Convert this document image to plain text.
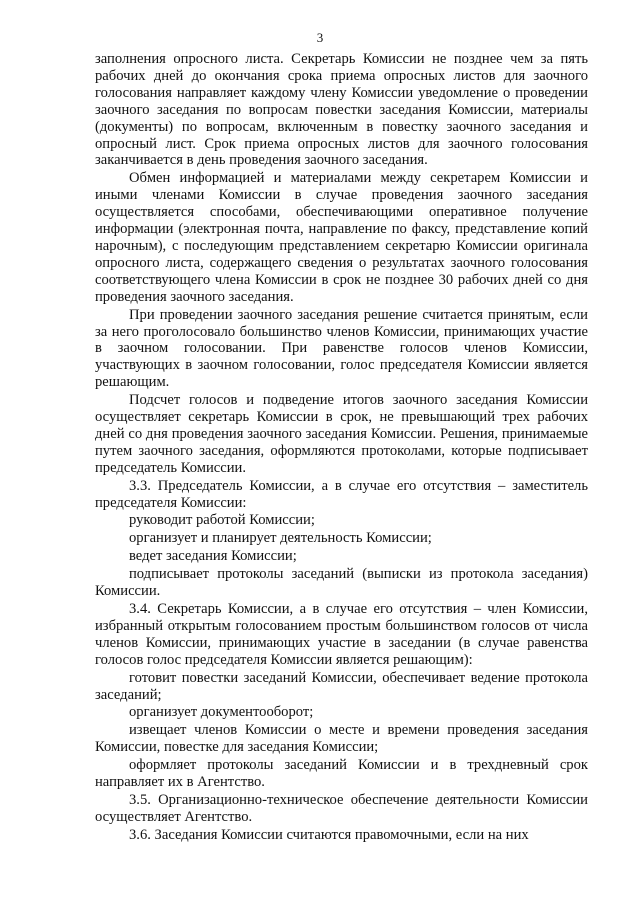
3

заполнения опросного листа. Секретарь Комиссии не позднее чем за пять рабочих дней до окончания срока приема опросных листов для заочного голосования направляет каждому члену Комиссии уведомление о проведении заочного заседания по вопросам повестки заседания Комиссии, материалы (документы) по вопросам, включенным в повестку заочного заседания и опросный лист. Срок приема опросных листов для заочного голосования заканчивается в день проведения заочного заседания.

Обмен информацией и материалами между секретарем Комиссии и иными членами Комиссии в случае проведения заочного заседания осуществляется способами, обеспечивающими оперативное получение информации (электронная почта, направление по факсу, представление копий нарочным), с последующим представлением секретарю Комиссии оригинала опросного листа, содержащего сведения о результатах заочного голосования соответствующего члена Комиссии в срок не позднее 30 рабочих дней со дня проведения заочного заседания.

При проведении заочного заседания решение считается принятым, если за него проголосовало большинство членов Комиссии, принимающих участие в заочном голосовании. При равенстве голосов членов Комиссии, участвующих в заочном голосовании, голос председателя Комиссии является решающим.

Подсчет голосов и подведение итогов заочного заседания Комиссии осуществляет секретарь Комиссии в срок, не превышающий трех рабочих дней со дня проведения заочного заседания Комиссии. Решения, принимаемые путем заочного заседания, оформляются протоколами, которые подписывает председатель Комиссии.

3.3. Председатель Комиссии, а в случае его отсутствия – заместитель председателя Комиссии:

руководит работой Комиссии;

организует и планирует деятельность Комиссии;

ведет заседания Комиссии;

подписывает протоколы заседаний (выписки из протокола заседания) Комиссии.

3.4. Секретарь Комиссии, а в случае его отсутствия – член Комиссии, избранный открытым голосованием простым большинством голосов от числа членов Комиссии, принимающих участие в заседании (в случае равенства голосов голос председателя Комиссии является решающим):

готовит повестки заседаний Комиссии, обеспечивает ведение протокола заседаний;

организует документооборот;

извещает членов Комиссии о месте и времени проведения заседания Комиссии, повестке для заседания Комиссии;

оформляет протоколы заседаний Комиссии и в трехдневный срок направляет их в Агентство.

3.5. Организационно-техническое обеспечение деятельности Комиссии осуществляет Агентство.

3.6. Заседания Комиссии считаются правомочными, если на них
